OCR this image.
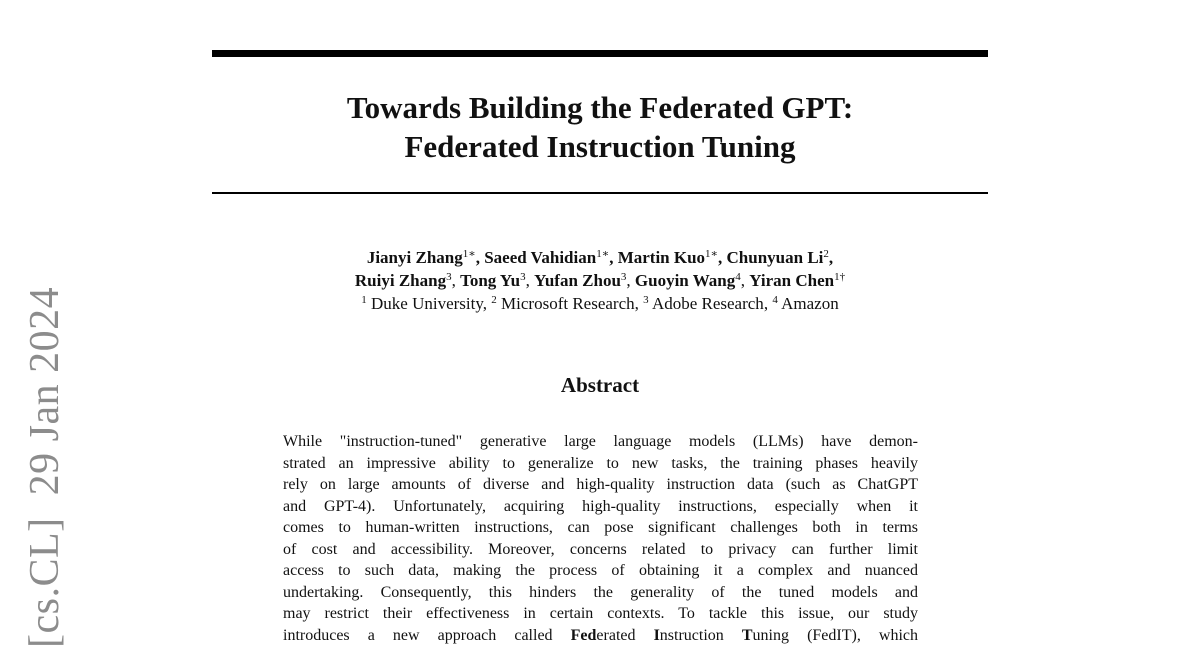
Towards Building the Federated GPT:
Federated Instruction Tuning
Jianyi Zhang$^{1∗}$, Saeed Vahidian$^{1∗}$, Martin Kuo$^{1∗}$, Chunyuan Li$^2$,
Ruiyi Zhang$^3$, Tong Yu$^3$, Yufan Zhou$^3$, Guoyin Wang$^4$, Yiran Chen$^{1\dagger}$
$^1$ Duke University, $^2$ Microsoft Research, $^3$ Adobe Research, $^4$ Amazon
Abstract
While "instruction-tuned" generative large language models (LLMs) have demon-
strated an impressive ability to generalize to new tasks, the training phases heavily
rely on large amounts of diverse and high-quality instruction data (such as ChatGPT
and GPT-4). Unfortunately, acquiring high-quality instructions, especially when it
comes to human-written instructions, can pose significant challenges both in terms
of cost and accessibility. Moreover, concerns related to privacy can further limit
access to such data, making the process of obtaining it a complex and nuanced
undertaking. Consequently, this hinders the generality of the tuned models and
may restrict their effectiveness in certain contexts. To tackle this issue, our study
introduces a new approach called Federated Instruction Tuning (FedIT), which
[cs.CL]29 Jan 2024
